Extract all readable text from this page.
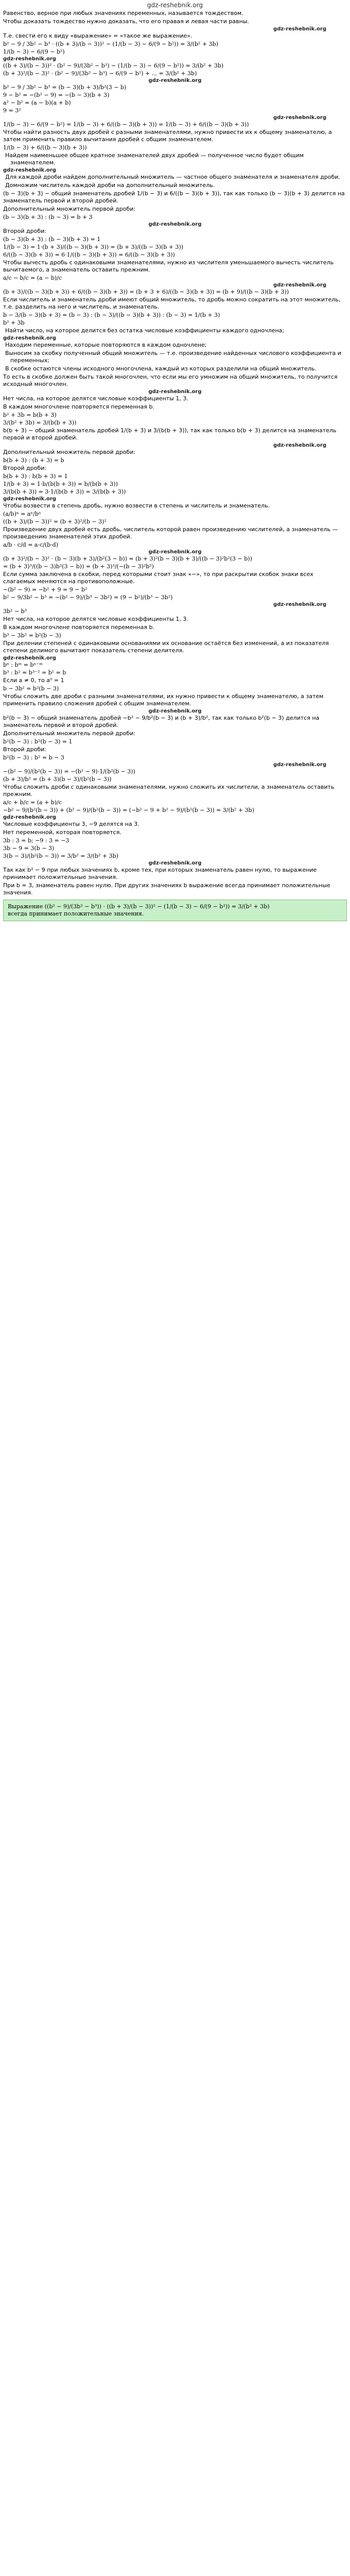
gdz-reshebnik.org

Равенство, верное при любых значениях переменных, называется тождеством.

Чтобы доказать тождество нужно доказать, что его правая и левая части равны.

gdz-reshebnik.org

Т.е. свести его к виду «выражение» = «такое же выражение».

b² − 9 / 3b² − b³ · ((b + 3)/(b − 3))² − (1/(b − 3) − 6/(9 − b²)) = 3/(b² + 3b)
1/(b − 3) − 6/(9 − b²)
gdz-reshebnik.org
((b + 3)/(b − 3))² · (b² − 9)/(3b² − b³) − (1/(b − 3) − 6/(9 − b²)) = 3/(b² + 3b)
(b + 3)²/(b − 3)² · (b² − 9)/(3b² − b³) − 6/(9 − b²) + ... = 3/(b² + 3b)
gdz-reshebnik.org
b² − 9 / 3b² − b³ = (b − 3)(b + 3)/b²(3 − b)
9 − b² = −(b² − 9) = −(b − 3)(b + 3)
a² − b² = (a − b)(a + b)
9 = 3²
gdz-reshebnik.org
1/(b − 3) − 6/(9 − b²) = 1/(b − 3) + 6/((b − 3)(b + 3)) = 1/(b − 3) + 6/((b − 3)(b + 3))

Чтобы найти разность двух дробей с разными знаменателями, нужно привести их к общему знаменателю, а затем применить правило вычитания дробей с общим знаменателем.

1/(b − 3) + 6/((b − 3)(b + 3))

Найдем наименьшее общее кратное знаменателей двух дробей — полученное число будет общим знаменателем.

gdz-reshebnik.org

Для каждой дроби найдем дополнительный множитель — частное общего знаменателя и знаменателя дроби.

Домножим числитель каждой дроби на дополнительный множитель.

(b − 3)(b + 3) − общий знаменатель дробей 1/(b − 3) и 6/((b − 3)(b + 3)), так как только (b − 3)(b + 3) делится на знаменатель первой и второй дробей.

Дополнительный множитель первой дроби:

(b − 3)(b + 3) : (b − 3) = b + 3
gdz-reshebnik.org

Второй дроби:

(b − 3)(b + 3) : (b − 3)(b + 3) = 1
1/(b − 3) = 1·(b + 3)/((b − 3)(b + 3)) = (b + 3)/((b − 3)(b + 3))
6/((b − 3)(b + 3)) = 6·1/((b − 3)(b + 3)) = 6/((b − 3)(b + 3))

Чтобы вычесть дробь с одинаковыми знаменателями, нужно из числителя уменьшаемого вычесть числитель вычитаемого, а знаменатель оставить прежним.

a/c − b/c = (a − b)/c
gdz-reshebnik.org
(b + 3)/((b − 3)(b + 3)) + 6/((b − 3)(b + 3)) = (b + 3 + 6)/((b − 3)(b + 3)) = (b + 9)/((b − 3)(b + 3))

Если числитель и знаменатель дроби имеют общий множитель, то дробь можно сократить на этот множитель, т.е. разделить на него и числитель, и знаменатель.

b − 3/(b − 3)(b + 3) = (b − 3) : (b − 3)/((b − 3)(b + 3)) : (b − 3) = 1/(b + 3)
b² + 3b

Найти число, на которое делится без остатка числовые коэффициенты каждого одночлена;

gdz-reshebnik.org

Находим переменные, которые повторяются в каждом одночлене;

Выносим за скобку полученный общий множитель — т.е. произведение найденных числового коэффициента и переменных;

В скобке остаются члены исходного многочлена, каждый из которых разделили на общий множитель.

То есть в скобке должен быть такой многочлен, что если мы его умножим на общий множитель, то получится исходный многочлен.

gdz-reshebnik.org

Нет числа, на которое делятся числовые коэффициенты 1, 3.

В каждом многочлене повторяется переменная b.

b² + 3b = b(b + 3)
3/(b² + 3b) = 3/(b(b + 3))

b(b + 3) − общий знаменатель дробей 1/(b + 3) и 3/(b(b + 3)), так как только b(b + 3) делится на знаменатель первой и второй дробей.

gdz-reshebnik.org

Дополнительный множитель первой дроби:

b(b + 3) : (b + 3) = b

Второй дроби:

b(b + 3) : b(b + 3) = 1
1/(b + 3) = 1·b/(b(b + 3)) = b/(b(b + 3))
3/(b(b + 3)) = 3·1/(b(b + 3)) = 3/(b(b + 3))
gdz-reshebnik.org

Чтобы возвести в степень дробь, нужно возвести в степень и числитель и знаменатель.

(a/b)ⁿ = aⁿ/bⁿ
((b + 3)/(b − 3))² = (b + 3)²/(b − 3)²

Произведение двух дробей есть дробь, числитель которой равен произведению числителей, а знаменатель — произведению знаменателей этих дробей.

a/b · c/d = a·c/(b·d)
gdz-reshebnik.org
(b + 3)²/(b − 3)² · (b − 3)(b + 3)/(b²(3 − b)) = (b + 3)²(b − 3)(b + 3)/((b − 3)²b²(3 − b))
= (b + 3)³/((b − 3)b²(3 − b)) = (b + 3)³/(−(b − 3)²b²)

Если сумма заключена в скобки, перед которыми стоит знак «−», то при раскрытии скобок знаки всех слагаемых меняются на противоположные.

−(b² − 9) = −b² + 9 = 9 − b²
b² − 9/3b² − b³ = −(b² − 9)/(b³ − 3b²) = (9 − b²)/(b³ − 3b²)
gdz-reshebnik.org
3b² − b³

Нет числа, на которое делятся числовые коэффициенты 1, 3.

В каждом многочлене повторяется переменная b.

b³ − 3b² = b²(b − 3)

При делении степеней с одинаковыми основаниями их основание остаётся без изменений, а из показателя степени делимого вычитают показатель степени делителя.

gdz-reshebnik.org
bⁿ : bᵐ = bⁿ⁻ᵐ
b³ : b² = b³⁻² = b¹ = b

Если a ≠ 0, то a⁰ = 1

b − 3b² = b²(b − 3)

Чтобы сложить две дроби с разными знаменателями, их нужно привести к общему знаменателю, а затем применить правило сложения дробей с общим знаменателем.

gdz-reshebnik.org

b²(b − 3) − общий знаменатель дробей −b² − 9/b²(b − 3) и (b + 3)/b², так как только b²(b − 3) делится на знаменатель первой и второй дробей.

Дополнительный множитель первой дроби:

b²(b − 3) : b²(b − 3) = 1

Второй дроби:

b²(b − 3) : b² = b − 3
gdz-reshebnik.org
−(b² − 9)/(b²(b − 3)) = −(b² − 9)·1/(b²(b − 3))
(b + 3)/b² = (b + 3)(b − 3)/(b²(b − 3))

Чтобы сложить дроби с одинаковыми знаменателями, нужно сложить их числители, а знаменатель оставить прежним.

a/c + b/c = (a + b)/c
−b² − 9/(b²(b − 3)) + (b² − 9)/(b²(b − 3)) = (−b² − 9 + b² − 9)/(b²(b − 3)) = 3/(b² + 3b)
gdz-reshebnik.org

Числовые коэффициенты 3, −9 делятся на 3.

Нет переменной, которая повторяется.

3b : 3 = b; −9 : 3 = −3
3b − 9 = 3(b − 3)
3(b − 3)/(b²(b − 3)) = 3/b² = 3/(b² + 3b)
gdz-reshebnik.org

Так как b² − 9 при любых значениях b, кроме тех, при которых знаменатель равен нулю, то выражение принимает положительные значения.

При b = 3, знаменатель равен нулю. При других значениях b выражение всегда принимает положительные значения.

Выражение ((b² − 9)/(3b² − b³)) · ((b + 3)/(b − 3))² − (1/(b − 3) − 6/(9 − b²)) = 3/(b² + 3b)
всегда принимает положительные значения.
